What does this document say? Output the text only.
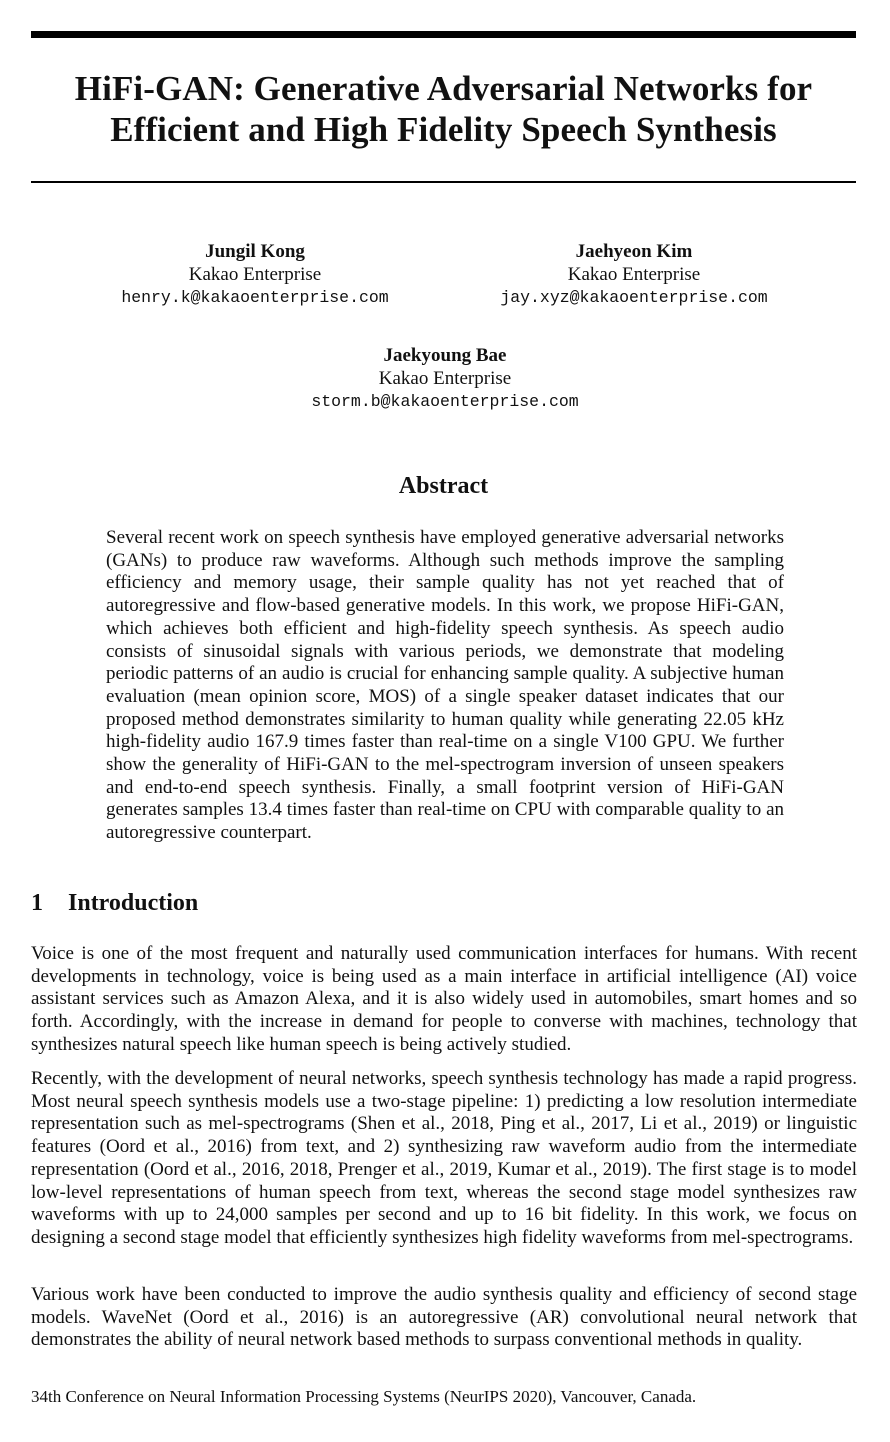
HiFi-GAN: Generative Adversarial Networks for
Efficient and High Fidelity Speech Synthesis
Jungil Kong
Kakao Enterprise
henry.k@kakaoenterprise.com
Jaehyeon Kim
Kakao Enterprise
jay.xyz@kakaoenterprise.com
Jaekyoung Bae
Kakao Enterprise
storm.b@kakaoenterprise.com
Abstract
Several recent work on speech synthesis have employed generative adversarial networks (GANs) to produce raw waveforms. Although such methods improve the sampling efficiency and memory usage, their sample quality has not yet reached that of autoregressive and flow-based generative models. In this work, we propose HiFi-GAN, which achieves both efficient and high-fidelity speech synthesis. As speech audio consists of sinusoidal signals with various periods, we demonstrate that modeling periodic patterns of an audio is crucial for enhancing sample quality. A subjective human evaluation (mean opinion score, MOS) of a single speaker dataset indicates that our proposed method demonstrates similarity to human quality while generating 22.05 kHz high-fidelity audio 167.9 times faster than real-time on a single V100 GPU. We further show the generality of HiFi-GAN to the mel-spectrogram inversion of unseen speakers and end-to-end speech synthesis. Finally, a small footprint version of HiFi-GAN generates samples 13.4 times faster than real-time on CPU with comparable quality to an autoregressive counterpart.
1 Introduction
Voice is one of the most frequent and naturally used communication interfaces for humans. With recent developments in technology, voice is being used as a main interface in artificial intelligence (AI) voice assistant services such as Amazon Alexa, and it is also widely used in automobiles, smart homes and so forth. Accordingly, with the increase in demand for people to converse with machines, technology that synthesizes natural speech like human speech is being actively studied.
Recently, with the development of neural networks, speech synthesis technology has made a rapid progress. Most neural speech synthesis models use a two-stage pipeline: 1) predicting a low resolution intermediate representation such as mel-spectrograms (Shen et al., 2018, Ping et al., 2017, Li et al., 2019) or linguistic features (Oord et al., 2016) from text, and 2) synthesizing raw waveform audio from the intermediate representation (Oord et al., 2016, 2018, Prenger et al., 2019, Kumar et al., 2019). The first stage is to model low-level representations of human speech from text, whereas the second stage model synthesizes raw waveforms with up to 24,000 samples per second and up to 16 bit fidelity. In this work, we focus on designing a second stage model that efficiently synthesizes high fidelity waveforms from mel-spectrograms.
Various work have been conducted to improve the audio synthesis quality and efficiency of second stage models. WaveNet (Oord et al., 2016) is an autoregressive (AR) convolutional neural network that demonstrates the ability of neural network based methods to surpass conventional methods in quality.
34th Conference on Neural Information Processing Systems (NeurIPS 2020), Vancouver, Canada.
